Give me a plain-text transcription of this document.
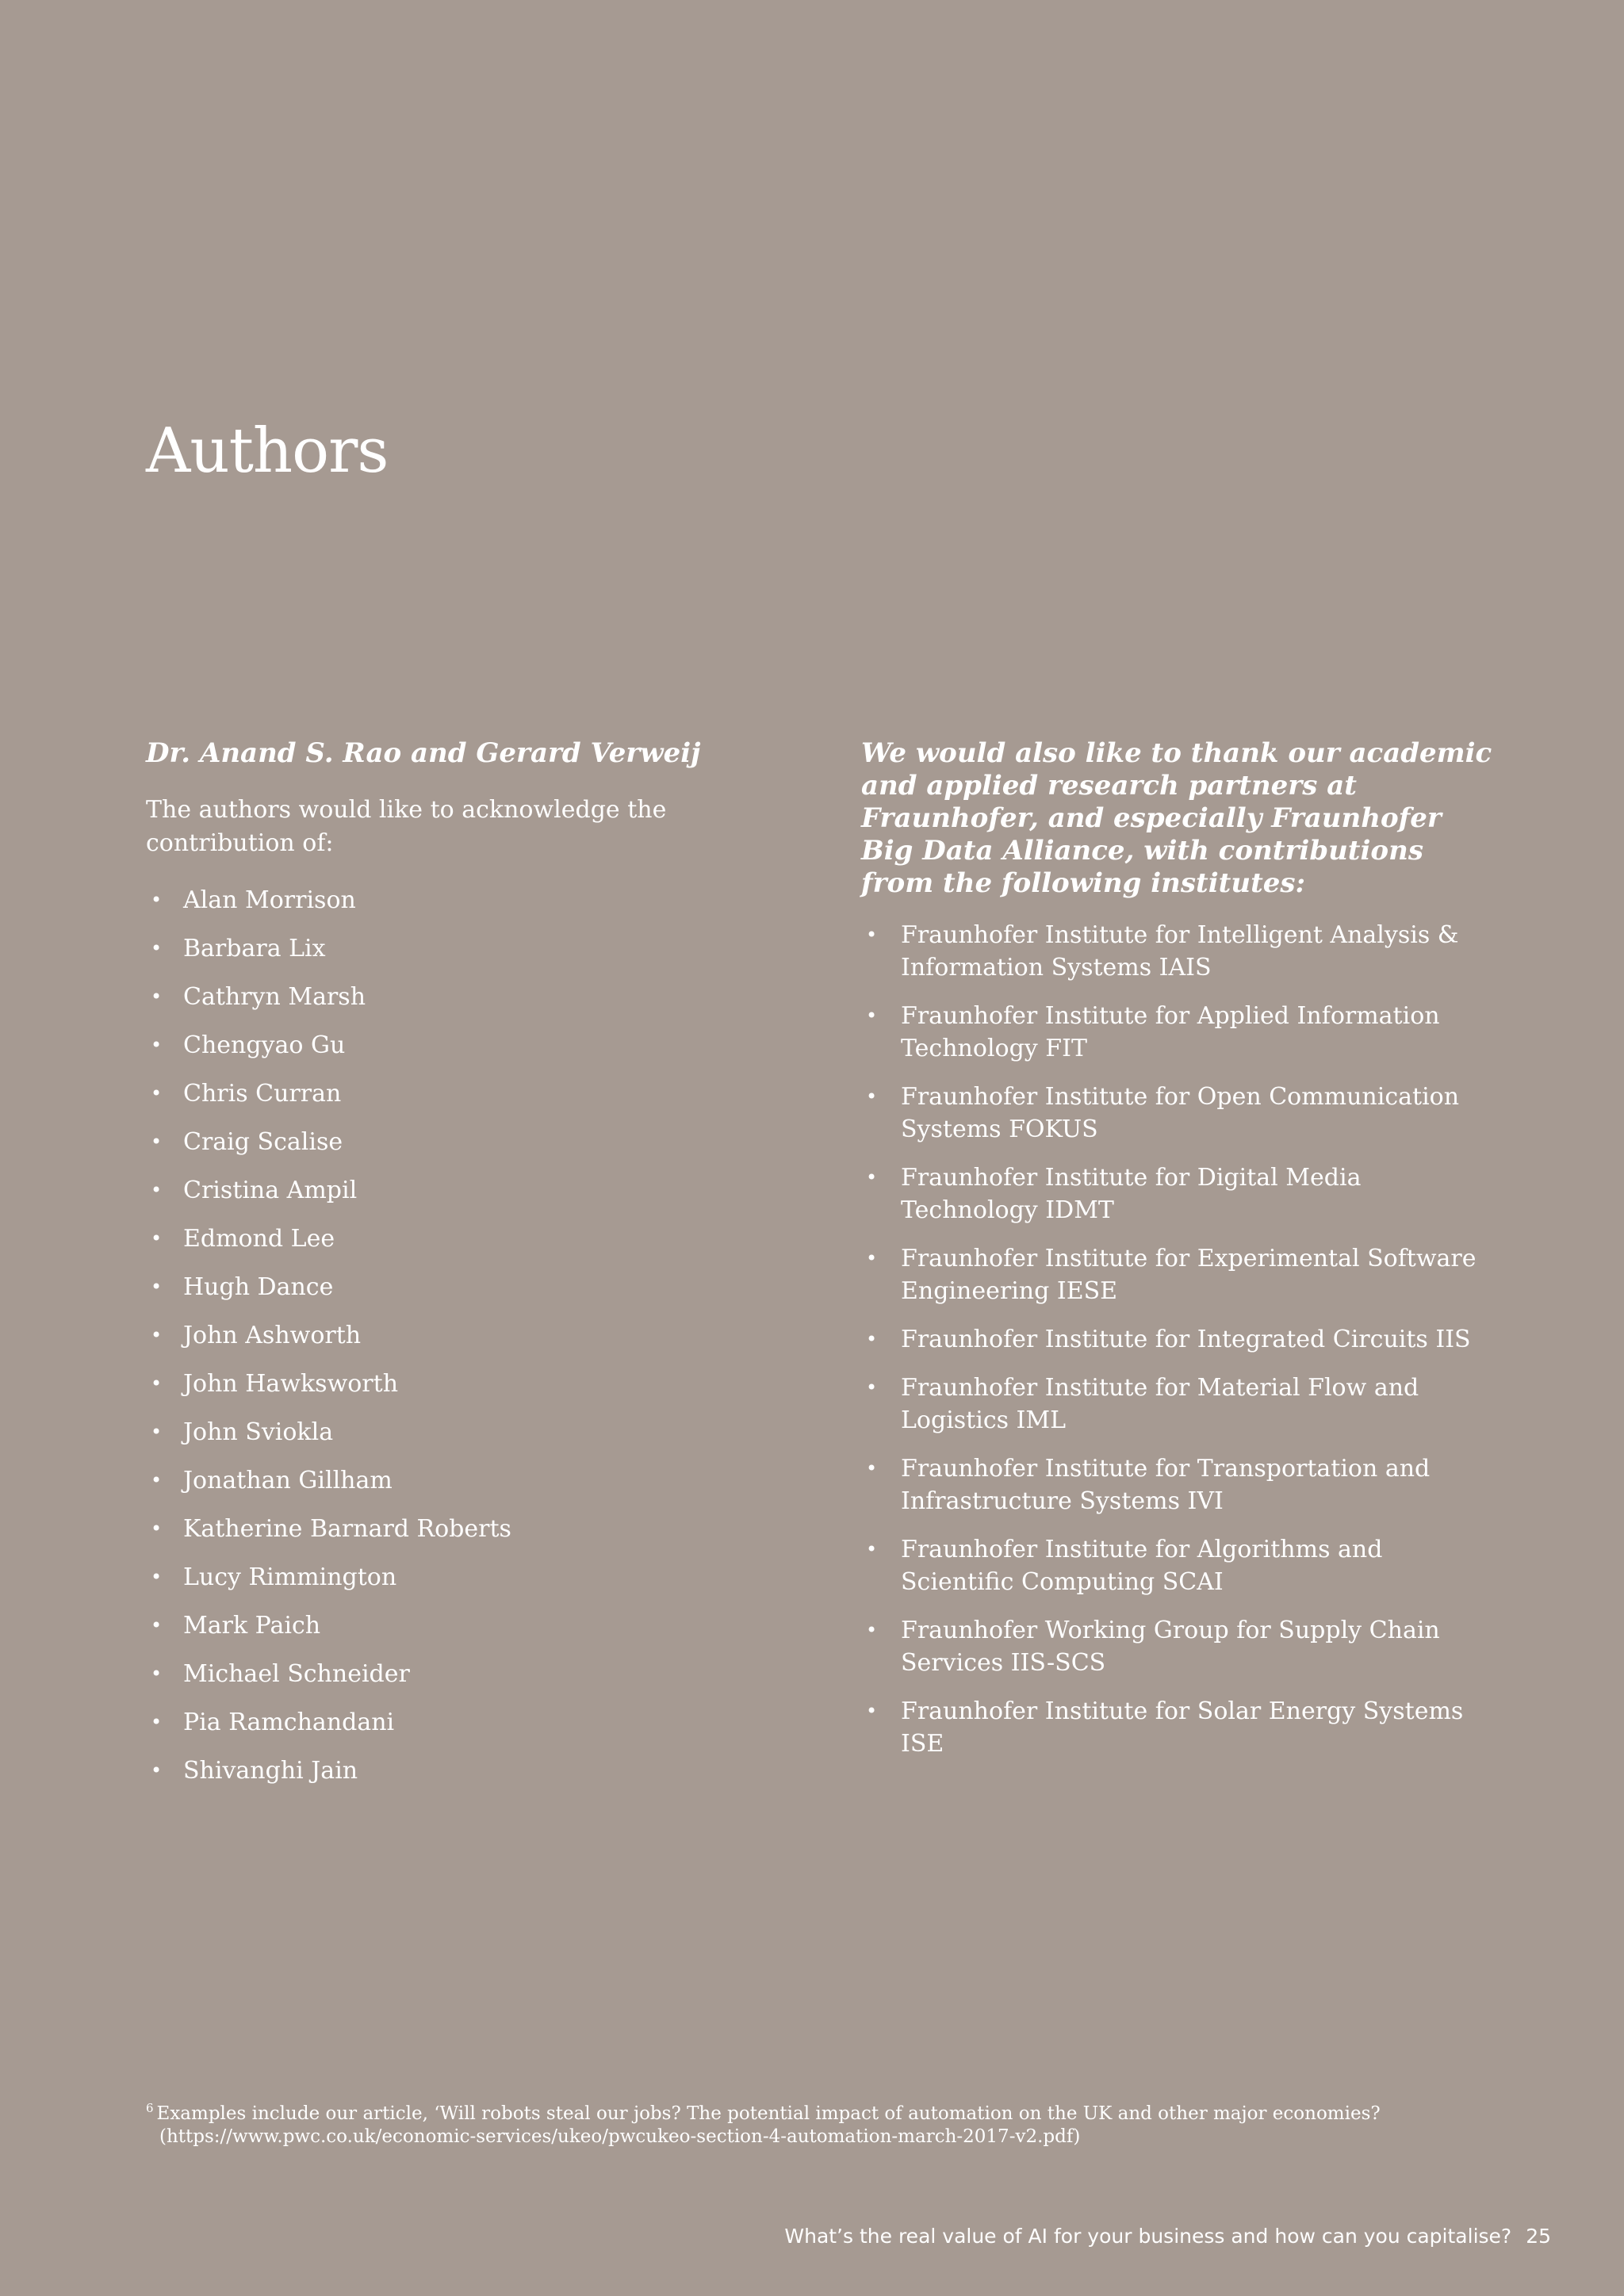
Authors
Dr. Anand S. Rao and Gerard Verweij

The authors would like to acknowledge the contribution of:

• Alan Morrison
• Barbara Lix
• Cathryn Marsh
• Chengyao Gu
• Chris Curran
• Craig Scalise
• Cristina Ampil
• Edmond Lee
• Hugh Dance
• John Ashworth
• John Hawksworth
• John Sviokla
• Jonathan Gillham
• Katherine Barnard Roberts
• Lucy Rimmington
• Mark Paich
• Michael Schneider
• Pia Ramchandani
• Shivanghi Jain
We would also like to thank our academic and applied research partners at Fraunhofer, and especially Fraunhofer Big Data Alliance, with contributions from the following institutes:
• Fraunhofer Institute for Intelligent Analysis & Information Systems IAIS
• Fraunhofer Institute for Applied Information Technology FIT
• Fraunhofer Institute for Open Communication Systems FOKUS
• Fraunhofer Institute for Digital Media Technology IDMT
• Fraunhofer Institute for Experimental Software Engineering IESE
• Fraunhofer Institute for Integrated Circuits IIS
• Fraunhofer Institute for Material Flow and Logistics IML
• Fraunhofer Institute for Transportation and Infrastructure Systems IVI
• Fraunhofer Institute for Algorithms and Scientific Computing SCAI
• Fraunhofer Working Group for Supply Chain Services IIS-SCS
• Fraunhofer Institute for Solar Energy Systems ISE
$^6$ Examples include our article, ‘Will robots steal our jobs? The potential impact of automation on the UK and other major economies?
(https://www.pwc.co.uk/economic-services/ukeo/pwcukeo-section-4-automation-march-2017-v2.pdf)
What’s the real value of AI for your business and how can you capitalise? 25
